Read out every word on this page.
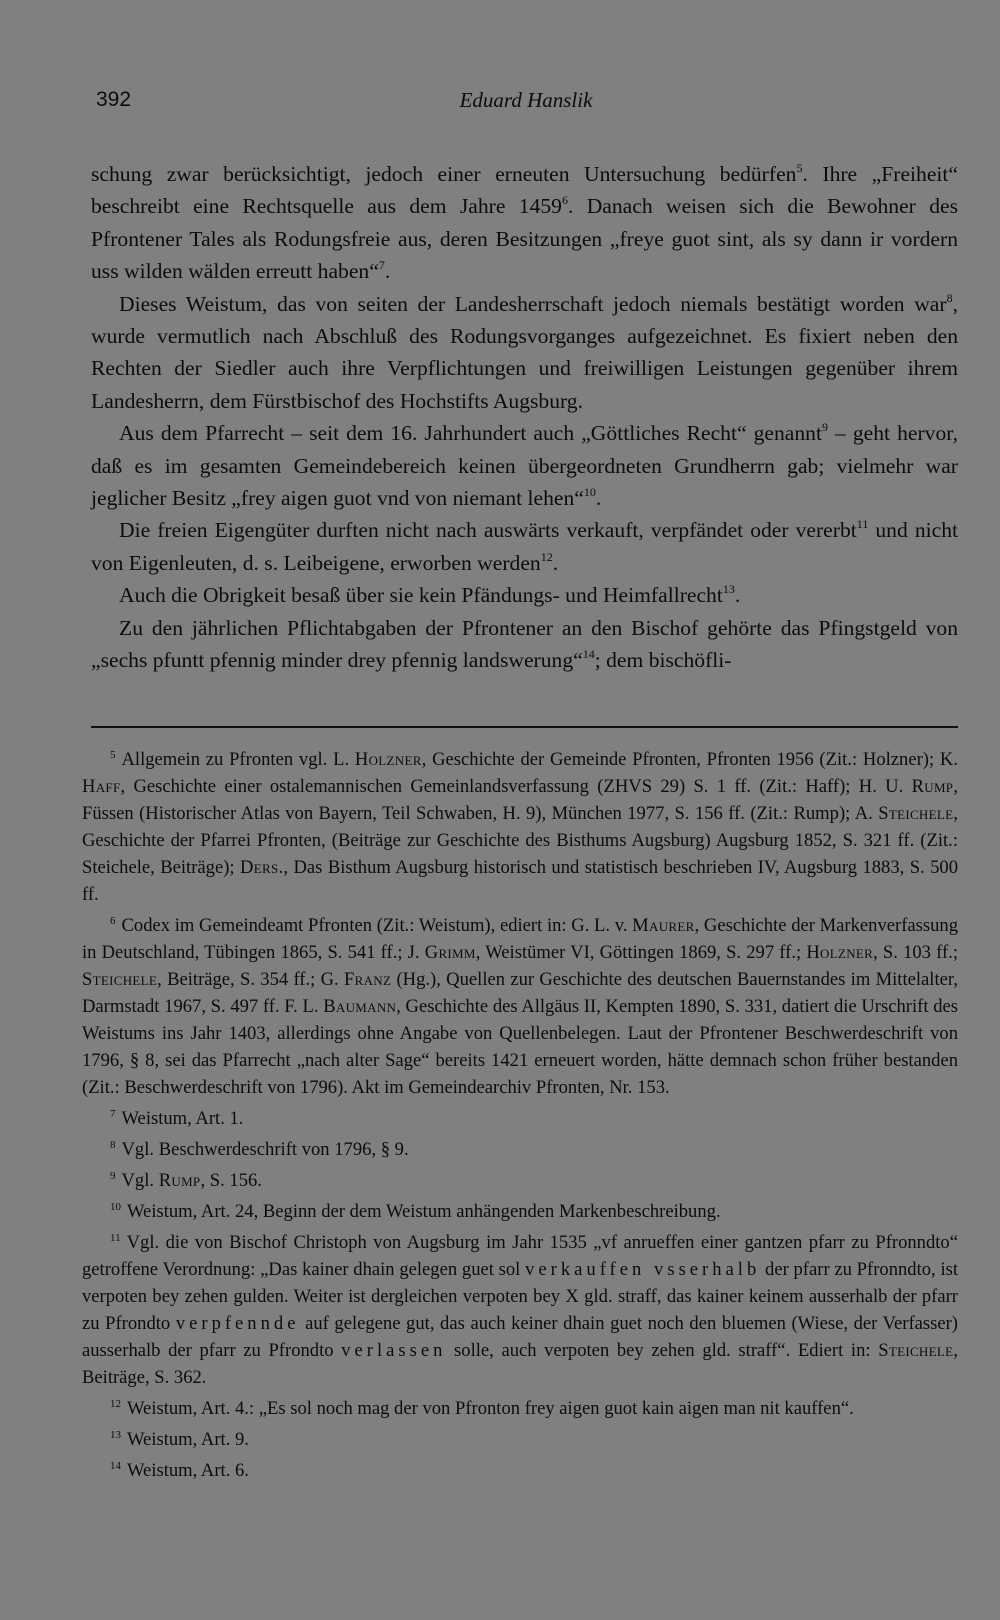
392	Eduard Hanslik

schung zwar berücksichtigt, jedoch einer erneuten Untersuchung bedürfen$^5$. Ihre „Freiheit“ beschreibt eine Rechtsquelle aus dem Jahre 1459$^6$. Danach weisen sich die Bewohner des Pfrontener Tales als Rodungsfreie aus, deren Besitzungen „freye guot sint, als sy dann ir vordern uss wilden wälden erreutt haben“$^7$.

Dieses Weistum, das von seiten der Landesherrschaft jedoch niemals bestätigt worden war$^8$, wurde vermutlich nach Abschluß des Rodungsvorganges aufgezeichnet. Es fixiert neben den Rechten der Siedler auch ihre Verpflichtungen und freiwilligen Leistungen gegenüber ihrem Landesherrn, dem Fürstbischof des Hochstifts Augsburg.

Aus dem Pfarrecht – seit dem 16. Jahrhundert auch „Göttliches Recht“ genannt$^9$ – geht hervor, daß es im gesamten Gemeindebereich keinen übergeordneten Grundherrn gab; vielmehr war jeglicher Besitz „frey aigen guot vnd von niemant lehen“$^{10}$.

Die freien Eigengüter durften nicht nach auswärts verkauft, verpfändet oder vererbt$^{11}$ und nicht von Eigenleuten, d. s. Leibeigene, erworben werden$^{12}$.

Auch die Obrigkeit besaß über sie kein Pfändungs- und Heimfallrecht$^{13}$.

Zu den jährlichen Pflichtabgaben der Pfrontener an den Bischof gehörte das Pfingstgeld von „sechs pfuntt pfennig minder drey pfennig landswerung“$^{14}$; dem bischöfli-

$^5$ Allgemein zu Pfronten vgl. L. Holzner, Geschichte der Gemeinde Pfronten, Pfronten 1956 (Zit.: Holzner); K. Haff, Geschichte einer ostalemannischen Gemeinlandsverfassung (ZHVS 29) S. 1 ff. (Zit.: Haff); H. U. Rump, Füssen (Historischer Atlas von Bayern, Teil Schwaben, H. 9), München 1977, S. 156 ff. (Zit.: Rump); A. Steichele, Geschichte der Pfarrei Pfronten, (Beiträge zur Geschichte des Bisthums Augsburg) Augsburg 1852, S. 321 ff. (Zit.: Steichele, Beiträge); Ders., Das Bisthum Augsburg historisch und statistisch beschrieben IV, Augsburg 1883, S. 500 ff.

$^6$ Codex im Gemeindeamt Pfronten (Zit.: Weistum), ediert in: G. L. v. Maurer, Geschichte der Markenverfassung in Deutschland, Tübingen 1865, S. 541 ff.; J. Grimm, Weistümer VI, Göttingen 1869, S. 297 ff.; Holzner, S. 103 ff.; Steichele, Beiträge, S. 354 ff.; G. Franz (Hg.), Quellen zur Geschichte des deutschen Bauernstandes im Mittelalter, Darmstadt 1967, S. 497 ff. F. L. Baumann, Geschichte des Allgäus II, Kempten 1890, S. 331, datiert die Urschrift des Weistums ins Jahr 1403, allerdings ohne Angabe von Quellenbelegen. Laut der Pfrontener Beschwerdeschrift von 1796, § 8, sei das Pfarrecht „nach alter Sage“ bereits 1421 erneuert worden, hätte demnach schon früher bestanden (Zit.: Beschwerdeschrift von 1796). Akt im Gemeindearchiv Pfronten, Nr. 153.

$^7$ Weistum, Art. 1.

$^8$ Vgl. Beschwerdeschrift von 1796, § 9.

$^9$ Vgl. Rump, S. 156.

$^{10}$ Weistum, Art. 24, Beginn der dem Weistum anhängenden Markenbeschreibung.

$^{11}$ Vgl. die von Bischof Christoph von Augsburg im Jahr 1535 „vf anrueffen einer gantzen pfarr zu Pfronndto“ getroffene Verordnung: „Das kainer dhain gelegen guet sol verkauffen vsserhalb der pfarr zu Pfronndto, ist verpoten bey zehen gulden. Weiter ist dergleichen verpoten bey X gld. straff, das kainer keinem ausserhalb der pfarr zu Pfrondto verpfennde auf gelegene gut, das auch keiner dhain guet noch den bluemen (Wiese, der Verfasser) ausserhalb der pfarr zu Pfrondto verlassen solle, auch verpoten bey zehen gld. straff“. Ediert in: Steichele, Beiträge, S. 362.

$^{12}$ Weistum, Art. 4.: „Es sol noch mag der von Pfronton frey aigen guot kain aigen man nit kauffen“.

$^{13}$ Weistum, Art. 9.

$^{14}$ Weistum, Art. 6.
